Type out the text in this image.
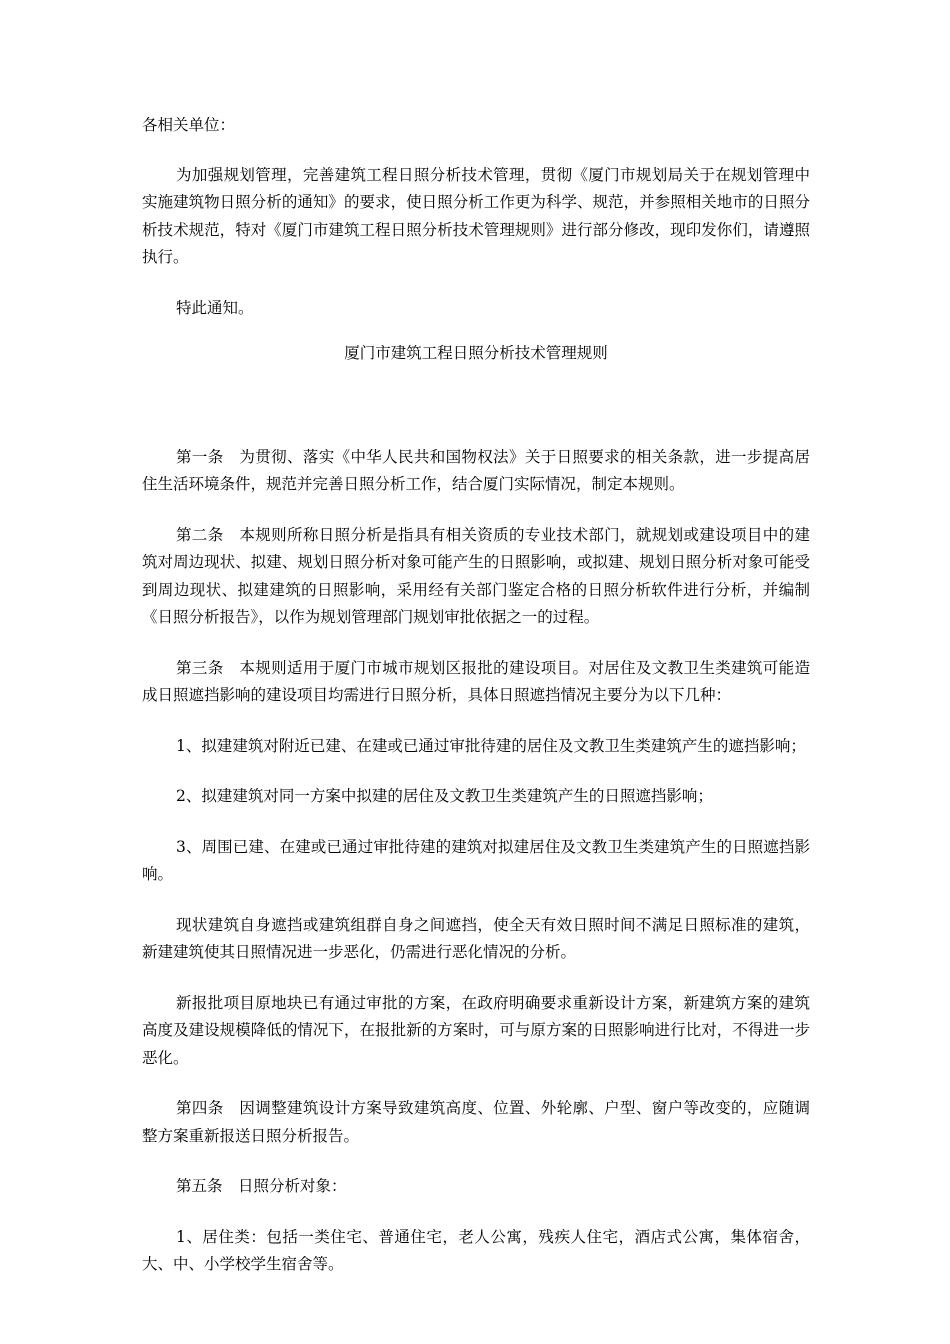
各相关单位：

为加强规划管理，完善建筑工程日照分析技术管理，贯彻《厦门市规划局关于在规划管理中实施建筑物日照分析的通知》的要求，使日照分析工作更为科学、规范，并参照相关地市的日照分析技术规范，特对《厦门市建筑工程日照分析技术管理规则》进行部分修改，现印发你们，请遵照执行。

特此通知。

厦门市建筑工程日照分析技术管理规则

第一条　为贯彻、落实《中华人民共和国物权法》关于日照要求的相关条款，进一步提高居住生活环境条件，规范并完善日照分析工作，结合厦门实际情况，制定本规则。

第二条　本规则所称日照分析是指具有相关资质的专业技术部门，就规划或建设项目中的建筑对周边现状、拟建、规划日照分析对象可能产生的日照影响，或拟建、规划日照分析对象可能受到周边现状、拟建建筑的日照影响，采用经有关部门鉴定合格的日照分析软件进行分析，并编制《日照分析报告》，以作为规划管理部门规划审批依据之一的过程。

第三条　本规则适用于厦门市城市规划区报批的建设项目。对居住及文教卫生类建筑可能造成日照遮挡影响的建设项目均需进行日照分析，具体日照遮挡情况主要分为以下几种：

1、拟建建筑对附近已建、在建或已通过审批待建的居住及文教卫生类建筑产生的遮挡影响；

2、拟建建筑对同一方案中拟建的居住及文教卫生类建筑产生的日照遮挡影响；

3、周围已建、在建或已通过审批待建的建筑对拟建居住及文教卫生类建筑产生的日照遮挡影响。

现状建筑自身遮挡或建筑组群自身之间遮挡，使全天有效日照时间不满足日照标准的建筑，新建建筑使其日照情况进一步恶化，仍需进行恶化情况的分析。

新报批项目原地块已有通过审批的方案，在政府明确要求重新设计方案，新建筑方案的建筑高度及建设规模降低的情况下，在报批新的方案时，可与原方案的日照影响进行比对，不得进一步恶化。

第四条　因调整建筑设计方案导致建筑高度、位置、外轮廓、户型、窗户等改变的，应随调整方案重新报送日照分析报告。

第五条　日照分析对象：

1、居住类：包括一类住宅、普通住宅，老人公寓，残疾人住宅，酒店式公寓，集体宿舍，大、中、小学校学生宿舍等。
